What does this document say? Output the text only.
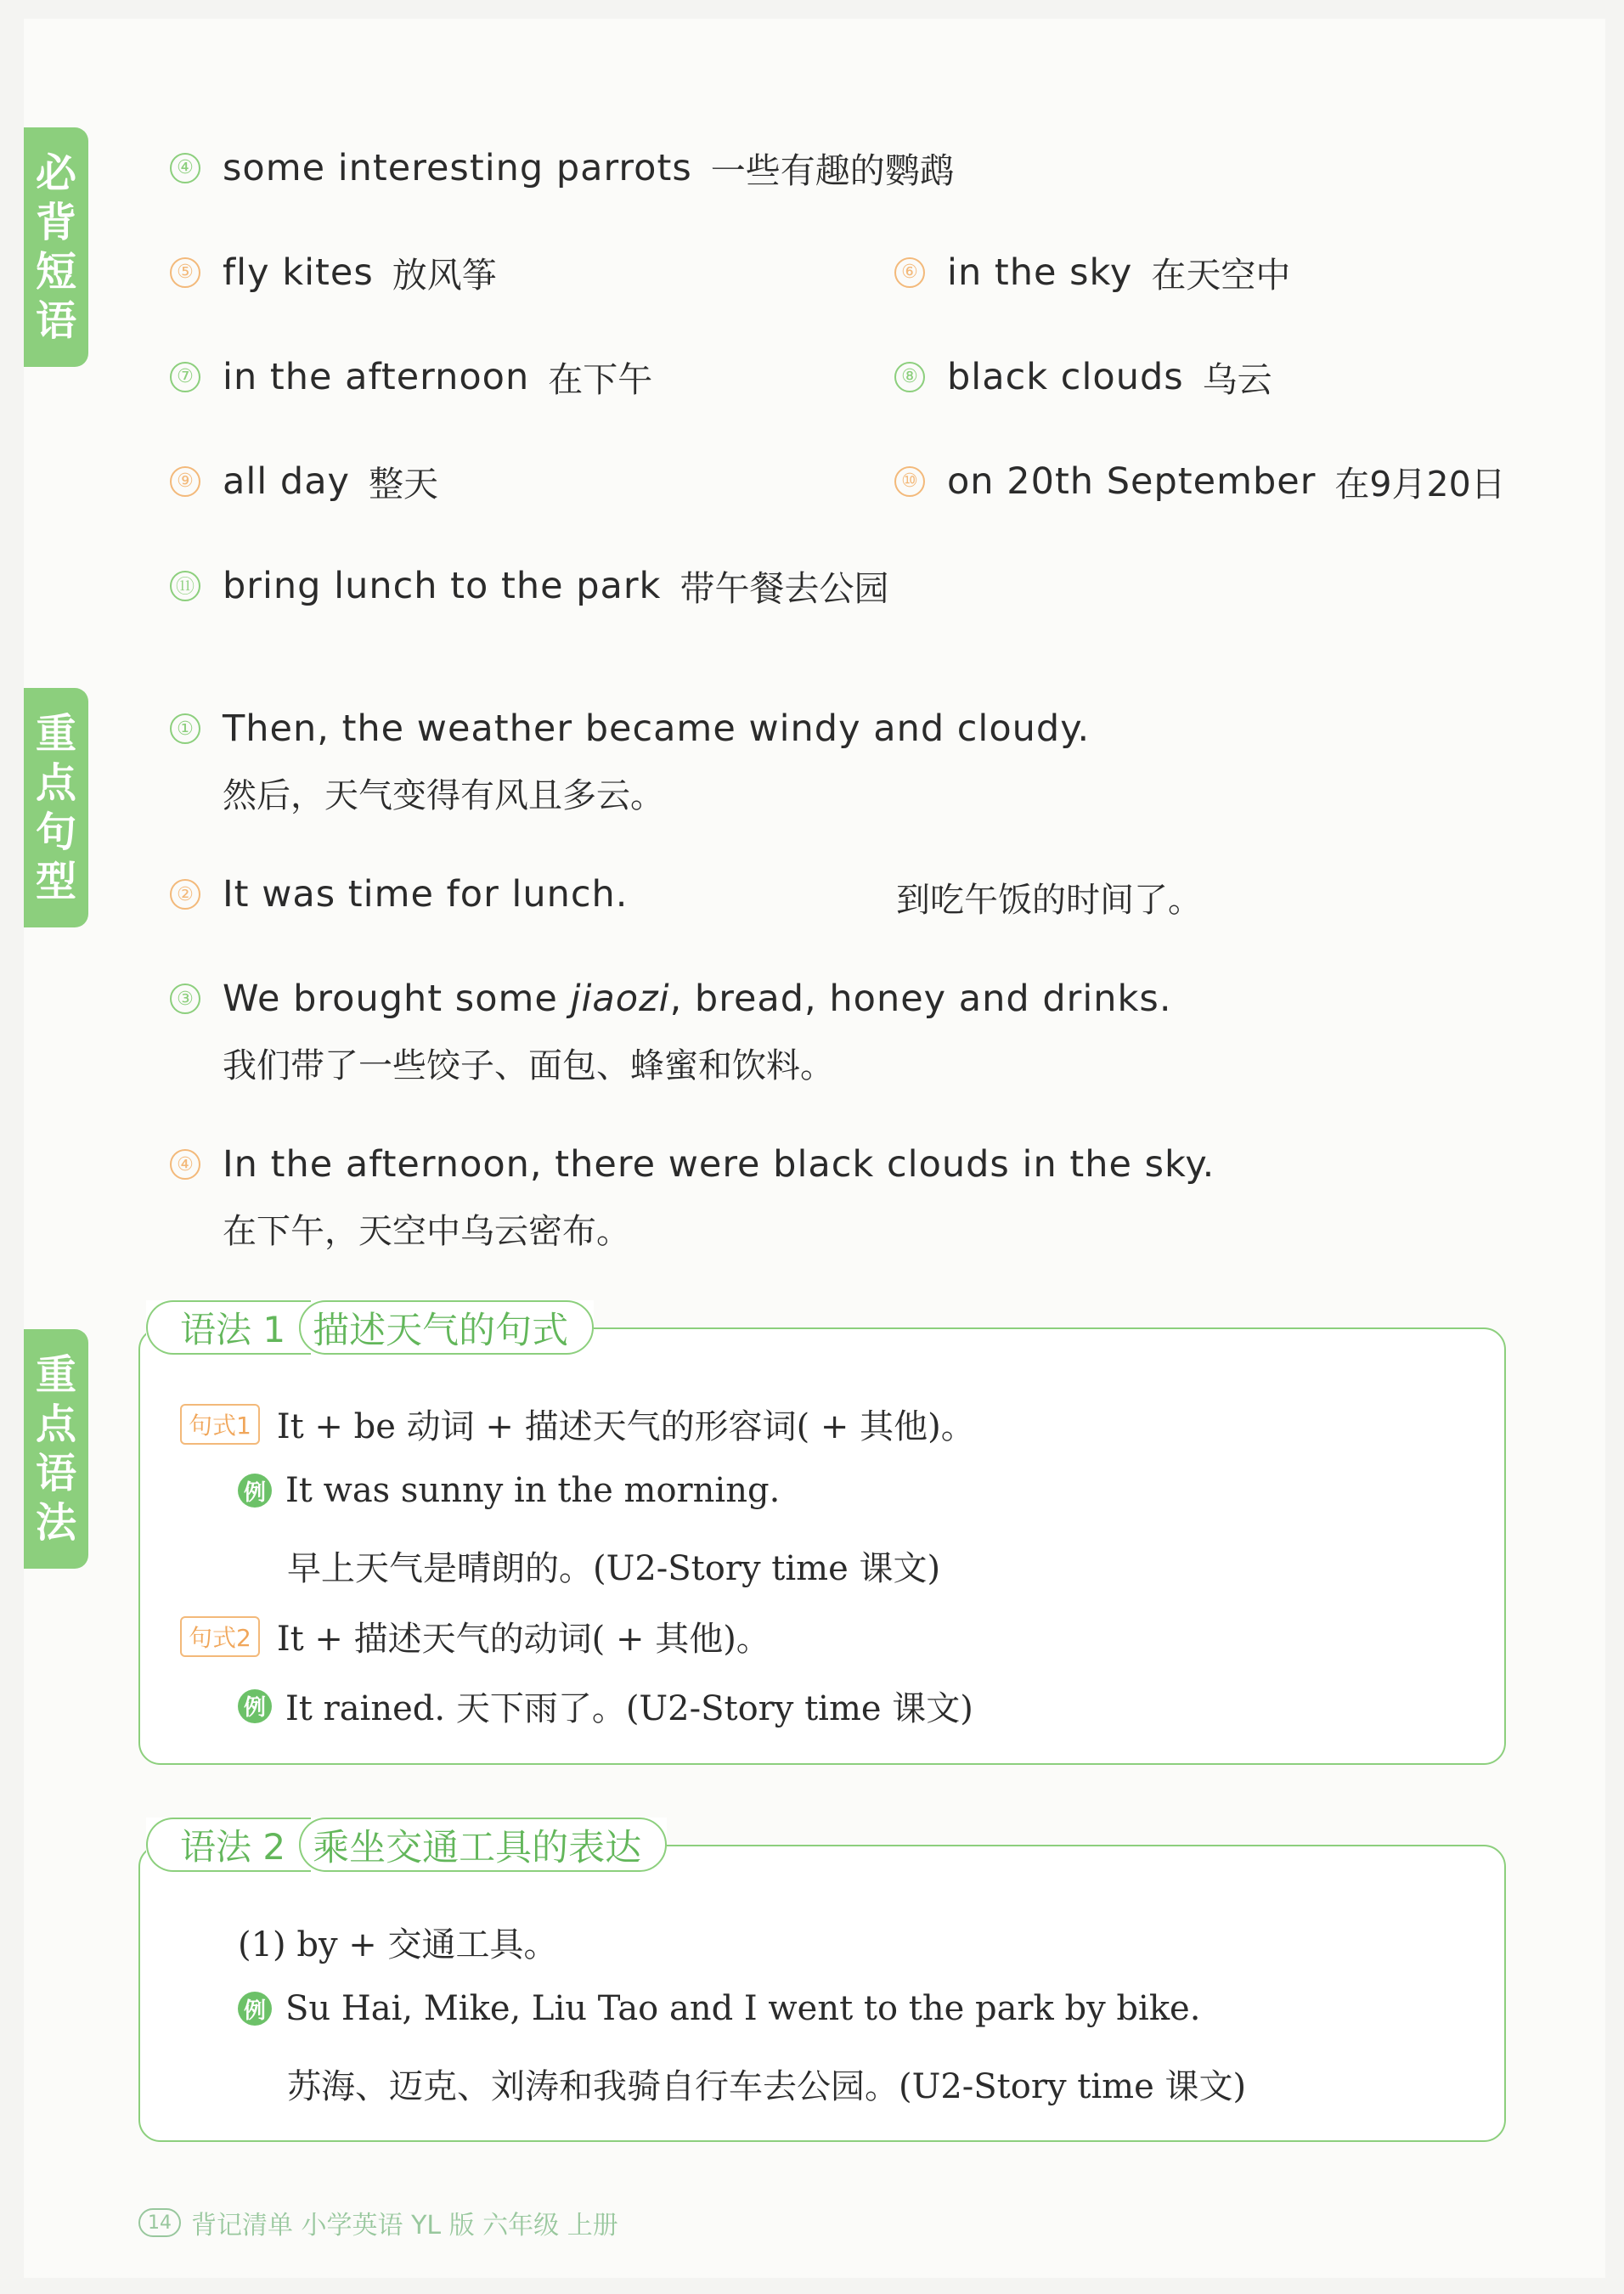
必
背
短
语
重
点
句
型
重
点
语
法
④ some interesting parrots 一些有趣的鹦鹉
⑤ fly kites 放风筝	⑥ in the sky 在天空中
⑦ in the afternoon 在下午	⑧ black clouds 乌云
⑨ all day 整天	⑩ on 20th September 在9月20日
⑪ bring lunch to the park 带午餐去公园
① Then, the weather became windy and cloudy.
然后，天气变得有风且多云。
② It was time for lunch.	到吃午饭的时间了。
③ We brought some jiaozi , bread, honey and drinks.
我们带了一些饺子、面包、蜂蜜和饮料。
④ In the afternoon, there were black clouds in the sky.
在下午，天空中乌云密布。
语法 1 描述天气的句式
句式1 It + be 动词 + 描述天气的形容词( + 其他)。
例 It was sunny in the morning.
早上天气是晴朗的。(U2-Story time 课文)
句式2 It + 描述天气的动词( + 其他)。
例 It rained. 天下雨了。(U2-Story time 课文)
语法 2 乘坐交通工具的表达
(1) by + 交通工具。
例 Su Hai, Mike, Liu Tao and I went to the park by bike.
苏海、迈克、刘涛和我骑自行车去公园。(U2-Story time 课文)
14 背记清单 小学英语 YL 版 六年级 上册
